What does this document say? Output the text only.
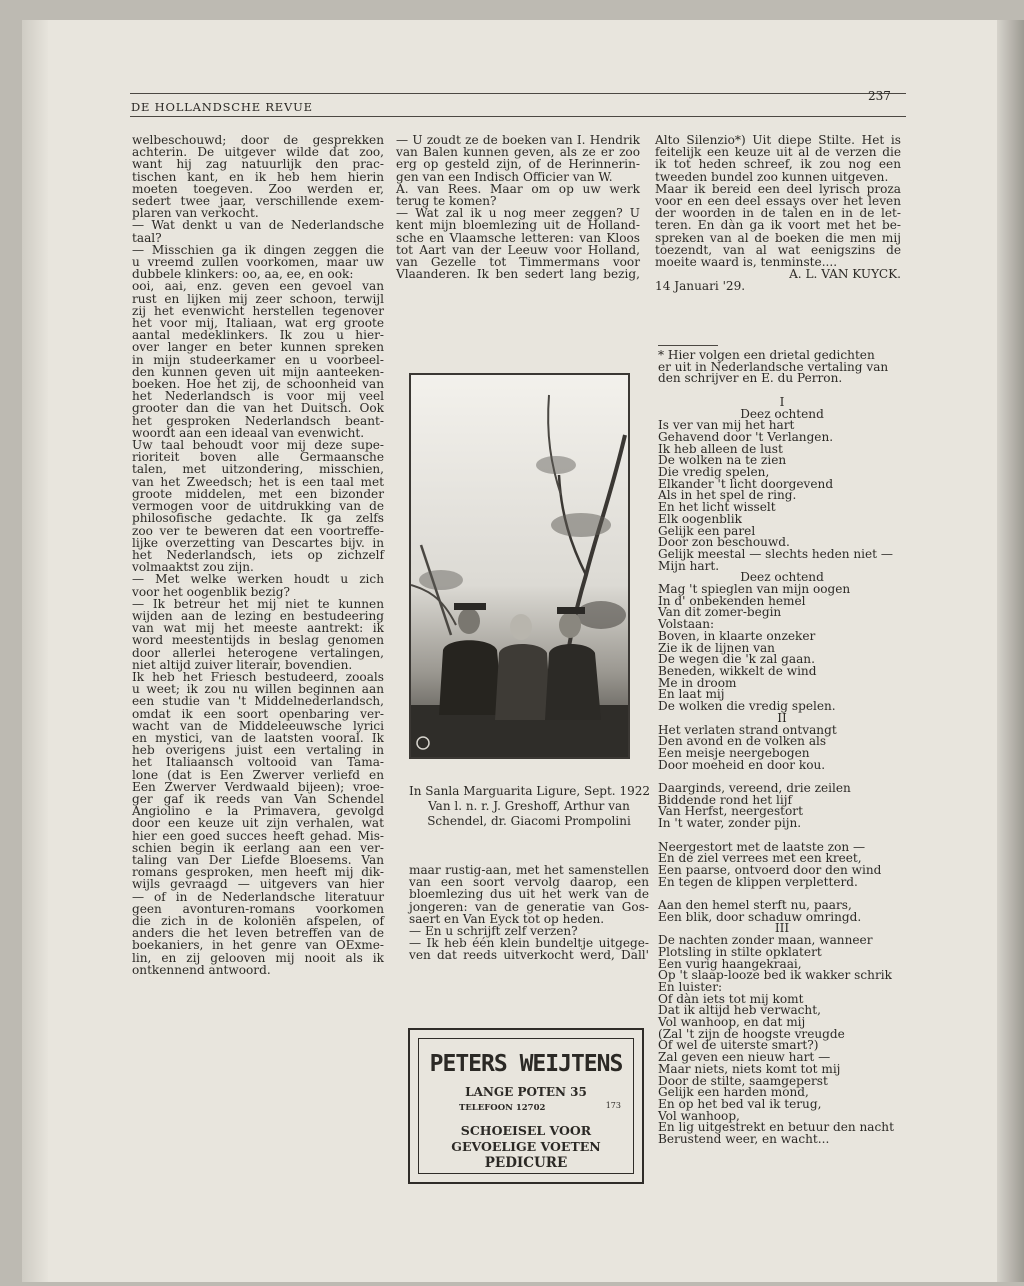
DE HOLLANDSCHE REVUE
237

welbeschouwd; door de gesprekken

achterin. De uitgever wilde dat zoo,

want hij zag natuurlijk den prac-

tischen kant, en ik heb hem hierin

moeten toegeven. Zoo werden er,

sedert twee jaar, verschillende exem-

plaren van verkocht.

— Wat denkt u van de Nederlandsche

taal?

— Misschien ga ik dingen zeggen die

u vreemd zullen voorkomen, maar uw

dubbele klinkers: oo, aa, ee, en ook:

ooi, aai, enz. geven een gevoel van

rust en lijken mij zeer schoon, terwijl

zij het evenwicht herstellen tegenover

het voor mij, Italiaan, wat erg groote

aantal medeklinkers. Ik zou u hier-

over langer en beter kunnen spreken

in mijn studeerkamer en u voorbeel-

den kunnen geven uit mijn aanteeken-

boeken. Hoe het zij, de schoonheid van

het Nederlandsch is voor mij veel

grooter dan die van het Duitsch. Ook

het gesproken Nederlandsch beant-

woordt aan een ideaal van evenwicht.

Uw taal behoudt voor mij deze supe-

rioriteit boven alle Germaansche

talen, met uitzondering, misschien,

van het Zweedsch; het is een taal met

groote middelen, met een bizonder

vermogen voor de uitdrukking van de

philosofische gedachte. Ik ga zelfs

zoo ver te beweren dat een voortreffe-

lijke overzetting van Descartes bijv. in

het Nederlandsch, iets op zichzelf

volmaaktst zou zijn.

— Met welke werken houdt u zich

voor het oogenblik bezig?

— Ik betreur het mij niet te kunnen

wijden aan de lezing en bestudeering

van wat mij het meeste aantrekt: ik

word meestentijds in beslag genomen

door allerlei heterogene vertalingen,

niet altijd zuiver literair, bovendien.

Ik heb het Friesch bestudeerd, zooals

u weet; ik zou nu willen beginnen aan

een studie van 't Middelnederlandsch,

omdat ik een soort openbaring ver-

wacht van de Middeleeuwsche lyrici

en mystici, van de laatsten vooral. Ik

heb overigens juist een vertaling in

het Italiaansch voltooid van Tama-

lone (dat is Een Zwerver verliefd en

Een Zwerver Verdwaald bijeen); vroe-

ger gaf ik reeds van Van Schendel

Angiolino e la Primavera, gevolgd

door een keuze uit zijn verhalen, wat

hier een goed succes heeft gehad. Mis-

schien begin ik eerlang aan een ver-

taling van Der Liefde Bloesems. Van

romans gesproken, men heeft mij dik-

wijls gevraagd — uitgevers van hier

— of in de Nederlandsche literatuur

geen avonturen-romans voorkomen

die zich in de koloniën afspelen, of

anders die het leven betreffen van de

boekaniers, in het genre van OExme-

lin, en zij gelooven mij nooit als ik

ontkennend antwoord.

— U zoudt ze de boeken van I. Hendrik

van Balen kunnen geven, als ze er zoo

erg op gesteld zijn, of de Herinnerin-

gen van een Indisch Officier van W.

A. van Rees. Maar om op uw werk

terug te komen?

— Wat zal ik u nog meer zeggen? U

kent mijn bloemlezing uit de Holland-

sche en Vlaamsche letteren: van Kloos

tot Aart van der Leeuw voor Holland,

van Gezelle tot Timmermans voor

Vlaanderen. Ik ben sedert lang bezig,

In Sanla Marguarita Ligure, Sept. 1922

Van l. n. r. J. Greshoff, Arthur van

Schendel, dr. Giacomi Prompolini

maar rustig-aan, met het samenstellen

van een soort vervolg daarop, een

bloemlezing dus uit het werk van de

jongeren: van de generatie van Gos-

saert en Van Eyck tot op heden.

— En u schrijft zelf verzen?

— Ik heb één klein bundeltje uitgege-

ven dat reeds uitverkocht werd, Dall'

PETERS WEIJTENS
LANGE POTEN 35
TELEFOON 12702	173
SCHOEISEL VOOR
GEVOELIGE VOETEN
PEDICURE

Alto Silenzio*) Uit diepe Stilte. Het is

feitelijk een keuze uit al de verzen die

ik tot heden schreef, ik zou nog een

tweeden bundel zoo kunnen uitgeven.

Maar ik bereid een deel lyrisch proza

voor en een deel essays over het leven

der woorden in de talen en in de let-

teren. En dàn ga ik voort met het be-

spreken van al de boeken die men mij

toezendt, van al wat eenigszins de

moeite waard is, tenminste....

A. L. VAN KUYCK.

14 Januari '29.

* Hier volgen een drietal gedichten

er uit in Nederlandsche vertaling van

den schrijver en E. du Perron.

I

Deez ochtend

Is ver van mij het hart

Gehavend door 't Verlangen.

Ik heb alleen de lust

De wolken na te zien

Die vredig spelen,

Elkander 't licht doorgevend

Als in het spel de ring.

En het licht wisselt

Elk oogenblik

Gelijk een parel

Door zon beschouwd.

Gelijk meestal — slechts heden niet —

Mijn hart.

Deez ochtend

Mag 't spieglen van mijn oogen

In d' onbekenden hemel

Van dit zomer-begin

Volstaan:

Boven, in klaarte onzeker

Zie ik de lijnen van

De wegen die 'k zal gaan.

Beneden, wikkelt de wind

Me in droom

En laat mij

De wolken die vredig spelen.

II

Het verlaten strand ontvangt

Den avond en de volken als

Een meisje neergebogen

Door moeheid en door kou.

Daarginds, vereend, drie zeilen

Biddende rond het lijf

Van Herfst, neergestort

In 't water, zonder pijn.

Neergestort met de laatste zon —

En de ziel verrees met een kreet,

Een paarse, ontvoerd door den wind

En tegen de klippen verpletterd.

Aan den hemel sterft nu, paars,

Een blik, door schaduw omringd.

III

De nachten zonder maan, wanneer

Plotsling in stilte opklatert

Een vurig haangekraai,

Op 't slaap-looze bed ik wakker schrik

En luister:

Of dàn iets tot mij komt

Dat ik altijd heb verwacht,

Vol wanhoop, en dat mij

(Zal 't zijn de hoogste vreugde

Of wel de uiterste smart?)

Zal geven een nieuw hart —

Maar niets, niets komt tot mij

Door de stilte, saamgeperst

Gelijk een harden mond,

En op het bed val ik terug,

Vol wanhoop,

En lig uitgestrekt en betuur den nacht

Berustend weer, en wacht...
